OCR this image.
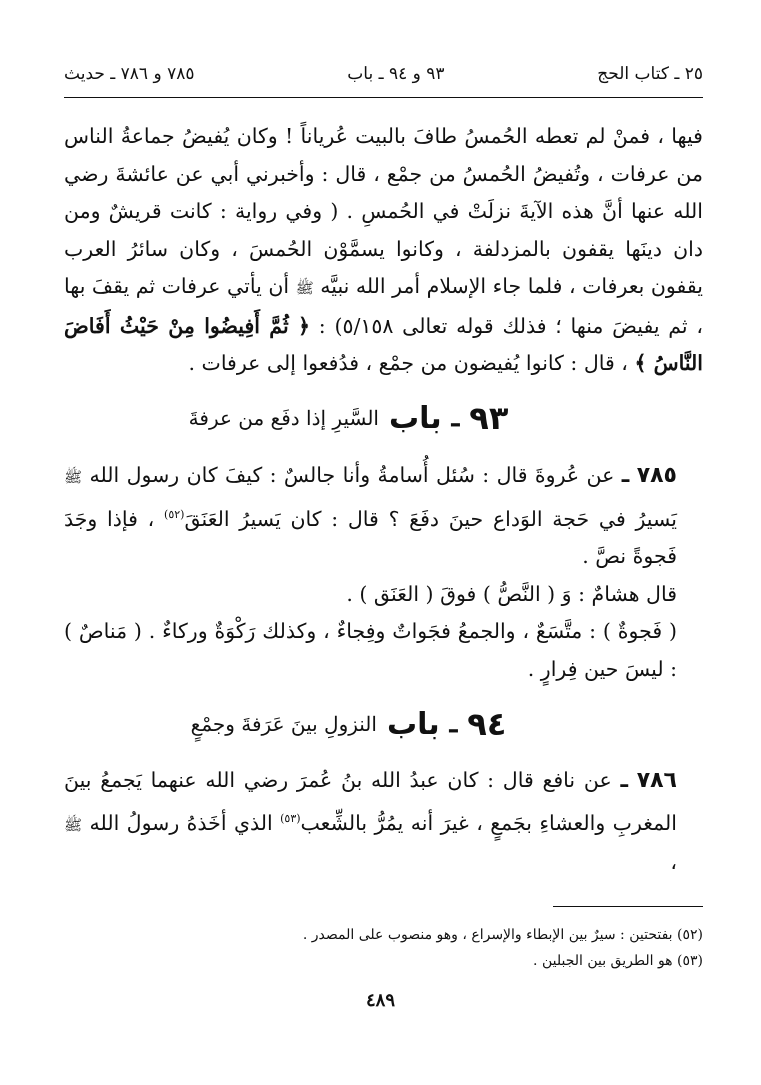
٢٥ ـ كتاب الحج
٩٣ و ٩٤ ـ باب
٧٨٥ و ٧٨٦ ـ حديث

فيها ، فمنْ لم تعطه الحُمسُ طافَ بالبيت عُرياناً ! وكان يُفيضُ جماعةُ الناس من عرفات ، وتُفيضُ الحُمسُ من جمْع ، قال : وأخبرني أبي عن عائشةَ رضي الله عنها أنَّ هذه الآيةَ نزلَتْ في الحُمسِ . ( وفي رواية : كانت قريشٌ ومن دان دينَها يقفون بالمزدلفة ، وكانوا يسمَّوْن الحُمسَ ، وكان سائرُ العرب يقفون بعرفات ، فلما جاء الإسلام أمر الله نبيَّه ﷺ أن يأتي عرفات ثم يقفَ بها ، ثم يفيضَ منها ؛ فذلك قوله تعالى ٥/١٥٨) : ﴿ ثُمَّ أَفِيضُوا مِنْ حَيْثُ أَفَاضَ النَّاسُ ﴾ ، قال : كانوا يُفيضون من جمْع ، فدُفعوا إلى عرفات .

٩٣
ـ
باب
السَّيرِ إذا دفَع من عرفةَ

٧٨٥ ـ عن عُروةَ قال : سُئل أُسامةُ وأنا جالسٌ : كيفَ كان رسول الله ﷺ يَسيرُ في حَجة الوَداع حينَ دفَعَ ؟ قال : كان يَسيرُ العَنَقَ$^{(٥٢)}$ ، فإذا وجَدَ فَجوةً نصَّ .

قال هشامٌ : وَ ( النَّصُّ ) فوقَ ( العَنَق ) .

( فَجوةٌ ) : متَّسَعٌ ، والجمعُ فجَواتٌ وفِجاءٌ ، وكذلك رَكْوَةٌ وركاءٌ . ( مَناصٌ ) : ليسَ حين فِرارٍ .

٩٤
ـ
باب
النزولِ بينَ عَرَفةَ وجمْعٍ

٧٨٦ ـ عن نافع قال : كان عبدُ الله بنُ عُمرَ رضي الله عنهما يَجمعُ بينَ المغربِ والعشاءِ بجَمعٍ ، غيرَ أنه يمُرُّ بالشِّعب$^{(٥٣)}$ الذي أخَذهُ رسولُ الله ﷺ ،

(٥٢) بفتحتين : سيرٌ بين الإبطاء والإسراع ، وهو منصوب على المصدر .

(٥٣) هو الطريق بين الجبلين .

٤٨٩
